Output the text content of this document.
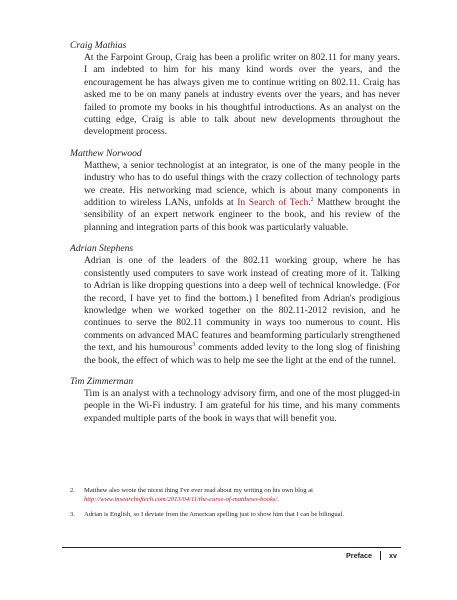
Craig Mathias

At the Farpoint Group, Craig has been a prolific writer on 802.11 for many years. I am indebted to him for his many kind words over the years, and the encouragement he has always given me to continue writing on 802.11. Craig has asked me to be on many panels at industry events over the years, and has never failed to promote my books in his thoughtful introductions. As an analyst on the cutting edge, Craig is able to talk about new developments throughout the development process.

Matthew Norwood

Matthew, a senior technologist at an integrator, is one of the many people in the industry who has to do useful things with the crazy collection of technology parts we create. His networking mad science, which is about many components in addition to wireless LANs, unfolds at In Search of Tech.$^2$ Matthew brought the sensibility of an expert network engineer to the book, and his review of the planning and integration parts of this book was particularly valuable.

Adrian Stephens

Adrian is one of the leaders of the 802.11 working group, where he has consistently used computers to save work instead of creating more of it. Talking to Adrian is like dropping questions into a deep well of technical knowledge. (For the record, I have yet to find the bottom.) I benefited from Adrian's prodigious knowledge when we worked together on the 802.11-2012 revision, and he continues to serve the 802.11 community in ways too numerous to count. His comments on advanced MAC features and beamforming particularly strengthened the text, and his humourous$^3$ comments added levity to the long slog of finishing the book, the effect of which was to help me see the light at the end of the tunnel.

Tim Zimmerman

Tim is an analyst with a technology advisory firm, and one of the most plugged-in people in the Wi-Fi industry. I am grateful for his time, and his many comments expanded multiple parts of the book in ways that will benefit you.

2.	Matthew also wrote the nicest thing I've ever read about my writing on his own blog at http://www.insearchoftech.com/2013/04/11/the-curse-of-matthews-books/.
3.	Adrian is English, so I deviate from the American spelling just to show him that I can be bilingual.
Preface xv
